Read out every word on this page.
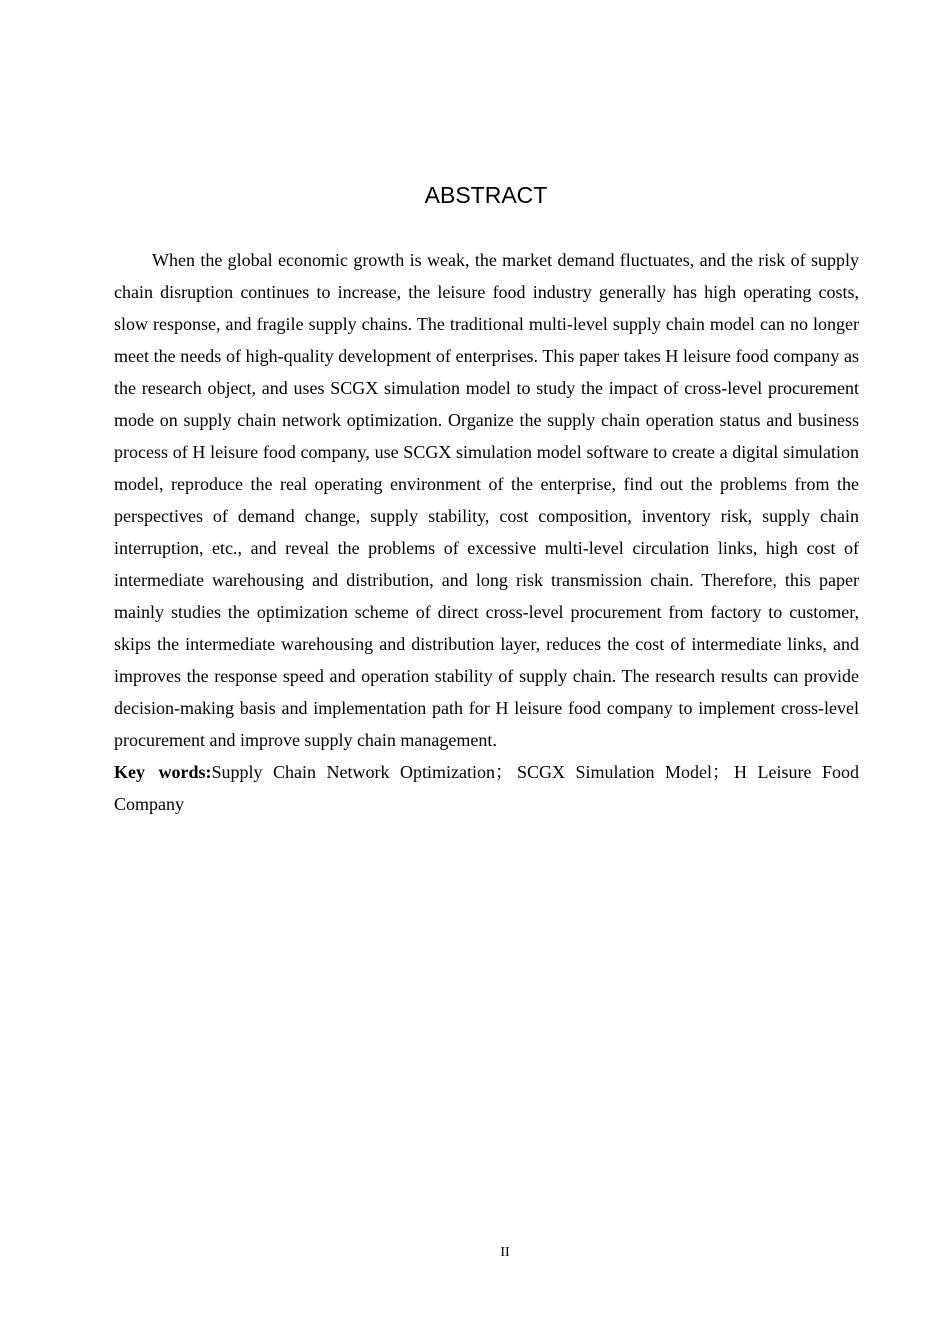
ABSTRACT

When the global economic growth is weak, the market demand fluctuates, and the risk of supply chain disruption continues to increase, the leisure food industry generally has high operating costs, slow response, and fragile supply chains. The traditional multi-level supply chain model can no longer meet the needs of high-quality development of enterprises. This paper takes H leisure food company as the research object, and uses SCGX simulation model to study the impact of cross-level procurement mode on supply chain network optimization. Organize the supply chain operation status and business process of H leisure food company, use SCGX simulation model software to create a digital simulation model, reproduce the real operating environment of the enterprise, find out the problems from the perspectives of demand change, supply stability, cost composition, inventory risk, supply chain interruption, etc., and reveal the problems of excessive multi-level circulation links, high cost of intermediate warehousing and distribution, and long risk transmission chain. Therefore, this paper mainly studies the optimization scheme of direct cross-level procurement from factory to customer, skips the intermediate warehousing and distribution layer, reduces the cost of intermediate links, and improves the response speed and operation stability of supply chain. The research results can provide decision-making basis and implementation path for H leisure food company to implement cross-level procurement and improve supply chain management.

Key words:Supply Chain Network Optimization； SCGX Simulation Model； H Leisure Food Company

II
